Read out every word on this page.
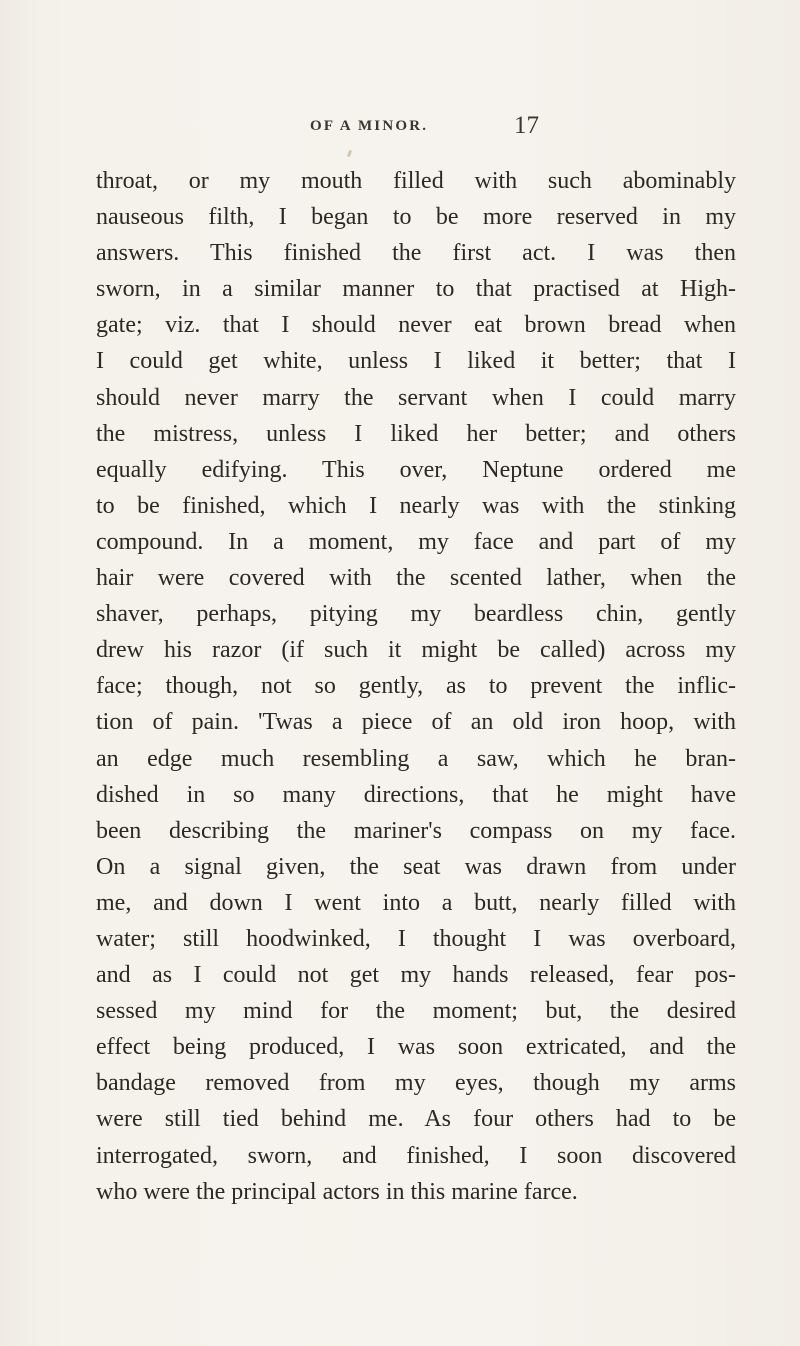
OF A MINOR.	17
throat, or my mouth filled with such abominably
nauseous filth, I began to be more reserved in my
answers. This finished the first act. I was then
sworn, in a similar manner to that practised at High-
gate; viz. that I should never eat brown bread when
I could get white, unless I liked it better; that I
should never marry the servant when I could marry
the mistress, unless I liked her better; and others
equally edifying. This over, Neptune ordered me
to be finished, which I nearly was with the stinking
compound. In a moment, my face and part of my
hair were covered with the scented lather, when the
shaver, perhaps, pitying my beardless chin, gently
drew his razor (if such it might be called) across my
face; though, not so gently, as to prevent the inflic-
tion of pain. 'Twas a piece of an old iron hoop, with
an edge much resembling a saw, which he bran-
dished in so many directions, that he might have
been describing the mariner's compass on my face.
On a signal given, the seat was drawn from under
me, and down I went into a butt, nearly filled with
water; still hoodwinked, I thought I was overboard,
and as I could not get my hands released, fear pos-
sessed my mind for the moment; but, the desired
effect being produced, I was soon extricated, and the
bandage removed from my eyes, though my arms
were still tied behind me. As four others had to be
interrogated, sworn, and finished, I soon discovered
who were the principal actors in this marine farce.
